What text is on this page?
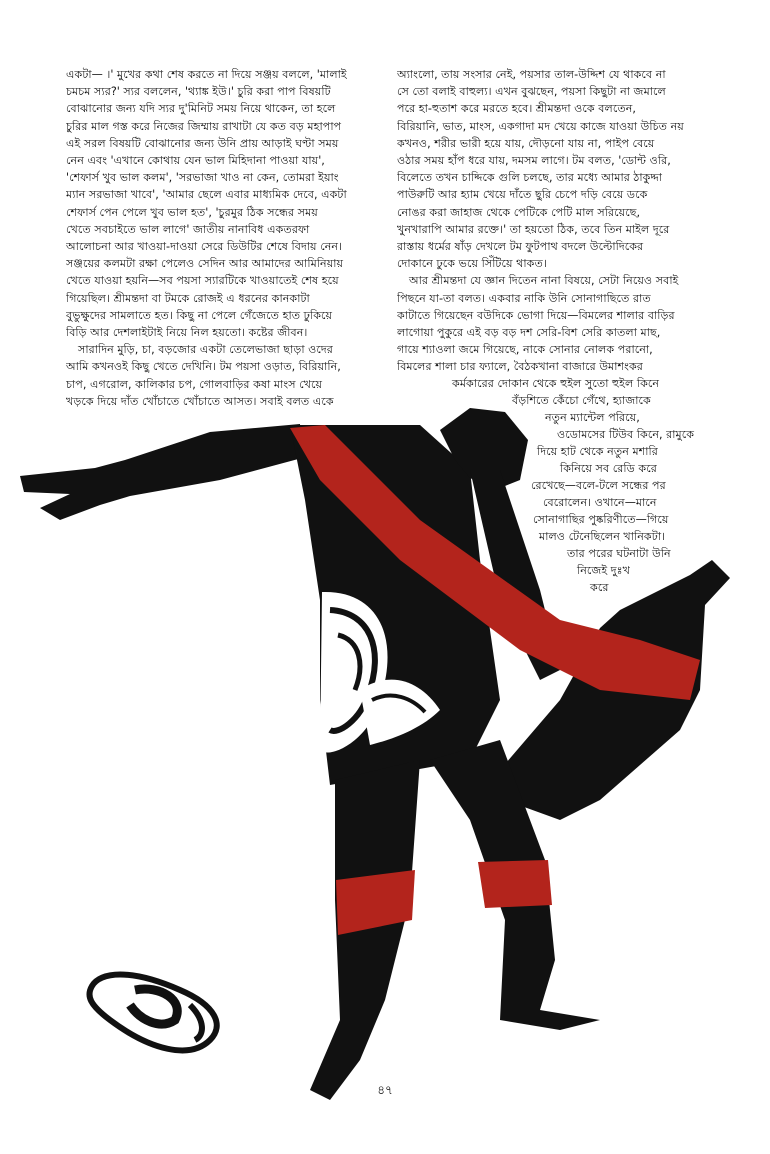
একটা— ।' মুখের কথা শেষ করতে না দিয়ে সঞ্জয় বললে, 'মালাই
চমচম স্যর?' স্যর বললেন, 'থ্যাঙ্ক ইউ।' চুরি করা পাপ বিষয়টি
বোঝানোর জন্য যদি স্যর দু'মিনিট সময় নিয়ে থাকেন, তা হলে
চুরির মাল গস্ত করে নিজের জিম্মায় রাখাটা যে কত বড় মহাপাপ
এই সরল বিষয়টি বোঝানোর জন্য উনি প্রায় আড়াই ঘণ্টা সময়
নেন এবং 'এখানে কোথায় যেন ভাল মিহিদানা পাওয়া যায়',
'শেফার্স খুব ভাল কলম', 'সরভাজা খাও না কেন, তোমরা ইয়াং
ম্যান সরভাজা খাবে', 'আমার ছেলে এবার মাধ্যমিক দেবে, একটা
শেফার্স পেন পেলে খুব ভাল হত', 'চুরমুর ঠিক সন্ধের সময়
খেতে সবচাইতে ভাল লাগে' জাতীয় নানাবিধ একতরফা
আলোচনা আর খাওয়া-দাওয়া সেরে ডিউটির শেষে বিদায় নেন।
সঞ্জয়ের কলমটা রক্ষা পেলেও সেদিন আর আমাদের আমিনিয়ায়
খেতে যাওয়া হয়নি—সব পয়সা স্যারটিকে খাওয়াতেই শেষ হয়ে
গিয়েছিল। শ্রীমন্তদা বা টমকে রোজই এ ধরনের কানকাটা
বুভুক্ষুদের সামলাতে হত। কিছু না পেলে গেঁজেতে হাত ঢুকিয়ে
বিড়ি আর দেশলাইটাই নিয়ে নিল হয়তো। কষ্টের জীবন।
সারাদিন মুড়ি, চা, বড়জোর একটা তেলেভাজা ছাড়া ওদের
আমি কখনওই কিছু খেতে দেখিনি। টম পয়সা ওড়াত, বিরিয়ানি,
চাপ, এগরোল, কালিকার চপ, গোলবাড়ির কষা মাংস খেয়ে
খড়কে দিয়ে দাঁত খোঁচাতে খোঁচাতে আসত। সবাই বলত একে
অ্যাংলো, তায় সংসার নেই, পয়সার তাল-উদ্দিশ যে থাকবে না
সে তো বলাই বাহুল্য। এখন বুঝছেন, পয়সা কিছুটা না জমালে
পরে হা-হুতাশ করে মরতে হবে। শ্রীমন্তদা ওকে বলতেন,
বিরিয়ানি, ভাত, মাংস, একগাদা মদ খেয়ে কাজে যাওয়া উচিত নয়
কখনও, শরীর ভারী হয়ে যায়, দৌড়নো যায় না, পাইপ বেয়ে
ওঠার সময় হাঁপ ধরে যায়, দমসম লাগে। টম বলত, 'ডোন্ট ওরি,
বিলেতে তখন চাদ্দিকে গুলি চলছে, তার মধ্যে আমার ঠাকুদ্দা
পাউরুটি আর হ্যাম খেয়ে দাঁতে ছুরি চেপে দড়ি বেয়ে ডকে
নোঙর করা জাহাজ থেকে পেটিকে পেটি মাল সরিয়েছে,
খুনখারাপি আমার রক্তে।' তা হয়তো ঠিক, তবে তিন মাইল দূরে
রাস্তায় ধর্মের ষাঁড় দেখলে টম ফুটপাথ বদলে উল্টোদিকের
দোকানে ঢুকে ভয়ে সিঁটিয়ে থাকত।
আর শ্রীমন্তদা যে জ্ঞান দিতেন নানা বিষয়ে, সেটা নিয়েও সবাই
পিছনে যা-তা বলত। একবার নাকি উনি সোনাগাছিতে রাত
কাটাতে গিয়েছেন বউদিকে ভোগা দিয়ে—বিমলের শালার বাড়ির
লাগোয়া পুকুরে এই বড় বড় দশ সেরি-বিশ সেরি কাতলা মাছ,
গায়ে শ্যাওলা জমে গিয়েছে, নাকে সোনার নোলক পরানো,
বিমলের শালা চার ফ্যালে, বৈঠকখানা বাজারে উমাশংকর
কর্মকারের দোকান থেকে হুইল সুতো হুইল কিনে
বঁড়শিতে কেঁচো গেঁথে, হ্যাজাকে
নতুন ম্যান্টেল পরিয়ে,
ওডোমসের টিউব কিনে, রামুকে
দিয়ে হাট থেকে নতুন মশারি
কিনিয়ে সব রেডি করে
রেখেছে—বলে-টলে সন্ধের পর
বেরোলেন। ওখানে—মানে
সোনাগাছির পুষ্করিণীতে—গিয়ে
মালও টেনেছিলেন খানিকটা।
তার পরের ঘটনাটা উনি
নিজেই দুঃখ
করে
৪৭
